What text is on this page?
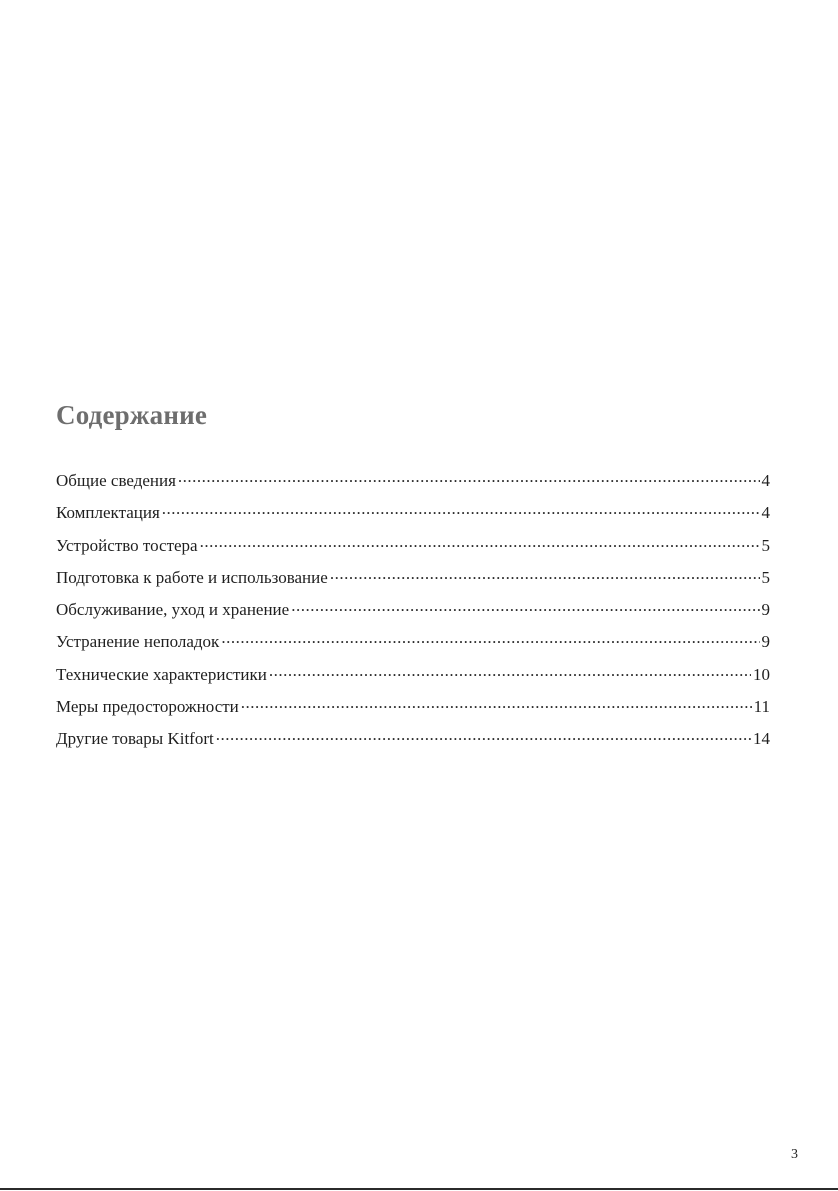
Содержание
Общие сведения .....	4
Комплектация .....	4
Устройство тостера .....	5
Подготовка к работе и использование .....	5
Обслуживание, уход и хранение .....	9
Устранение неполадок .....	9
Технические характеристики .....	10
Меры предосторожности .....	11
Другие товары Kitfort .....	14
3
